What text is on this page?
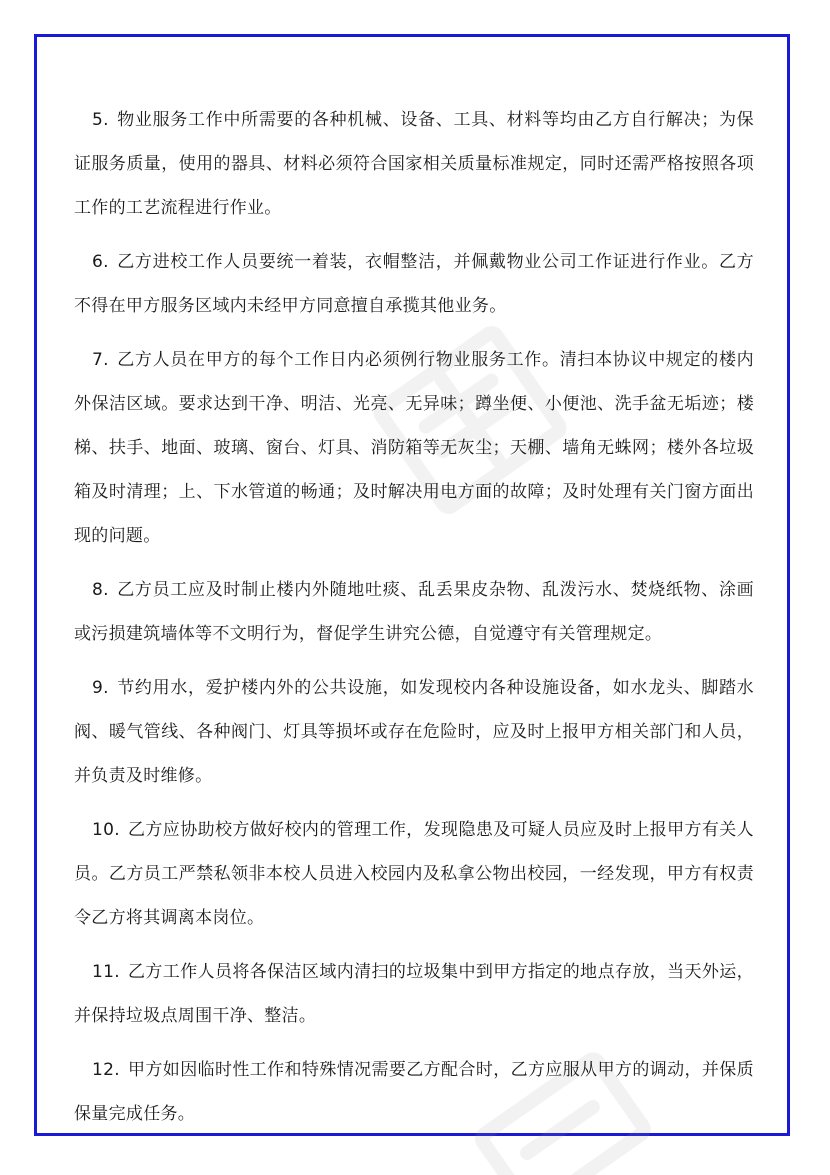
5. 物业服务工作中所需要的各种机械、设备、工具、材料等均由乙方自行解决；为保证服务质量，使用的器具、材料必须符合国家相关质量标准规定，同时还需严格按照各项工作的工艺流程进行作业。

6. 乙方进校工作人员要统一着装，衣帽整洁，并佩戴物业公司工作证进行作业。乙方不得在甲方服务区域内未经甲方同意擅自承揽其他业务。

7. 乙方人员在甲方的每个工作日内必须例行物业服务工作。清扫本协议中规定的楼内外保洁区域。要求达到干净、明洁、光亮、无异味；蹲坐便、小便池、洗手盆无垢迹；楼梯、扶手、地面、玻璃、窗台、灯具、消防箱等无灰尘；天棚、墙角无蛛网；楼外各垃圾箱及时清理；上、下水管道的畅通；及时解决用电方面的故障；及时处理有关门窗方面出现的问题。

8. 乙方员工应及时制止楼内外随地吐痰、乱丢果皮杂物、乱泼污水、焚烧纸物、涂画或污损建筑墙体等不文明行为，督促学生讲究公德，自觉遵守有关管理规定。

9. 节约用水，爱护楼内外的公共设施，如发现校内各种设施设备，如水龙头、脚踏水阀、暖气管线、各种阀门、灯具等损坏或存在危险时，应及时上报甲方相关部门和人员，并负责及时维修。

10. 乙方应协助校方做好校内的管理工作，发现隐患及可疑人员应及时上报甲方有关人员。乙方员工严禁私领非本校人员进入校园内及私拿公物出校园，一经发现，甲方有权责令乙方将其调离本岗位。

11. 乙方工作人员将各保洁区域内清扫的垃圾集中到甲方指定的地点存放，当天外运，并保持垃圾点周围干净、整洁。

12. 甲方如因临时性工作和特殊情况需要乙方配合时，乙方应服从甲方的调动，并保质保量完成任务。
